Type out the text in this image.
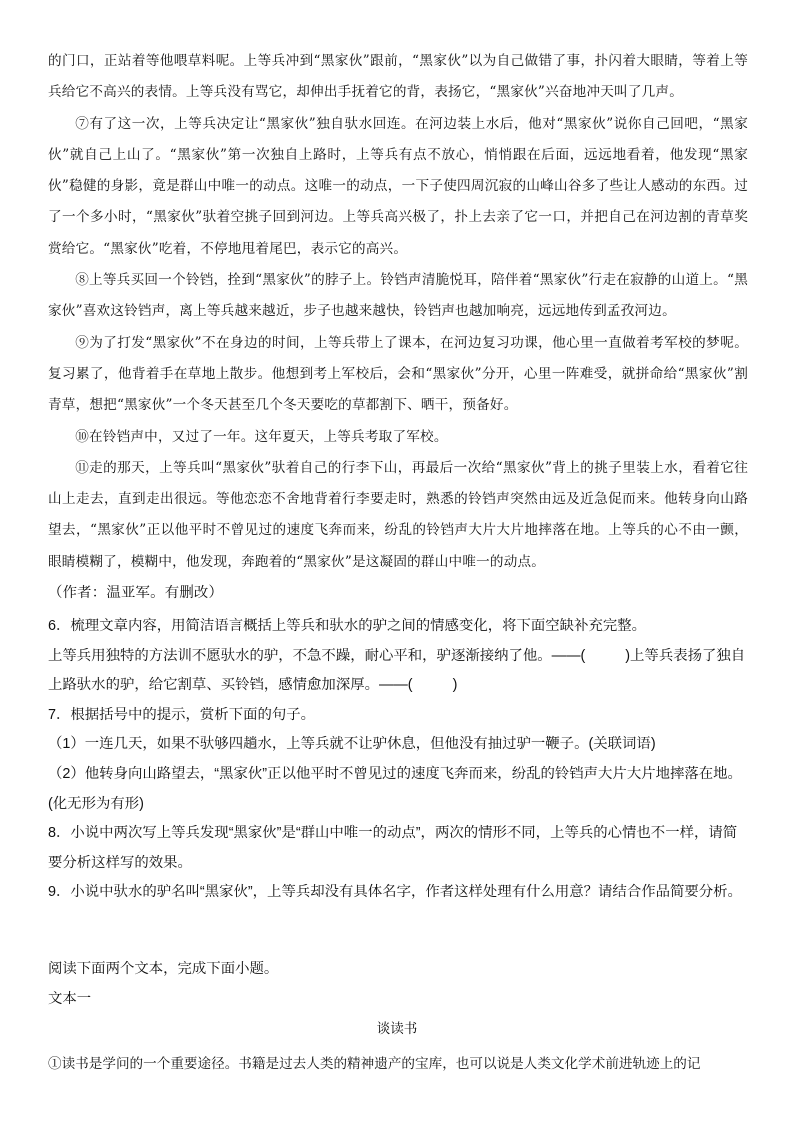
的门口，正站着等他喂草料呢。上等兵冲到“黑家伙”跟前，“黑家伙”以为自己做错了事，扑闪着大眼睛，等着上等兵给它不高兴的表情。上等兵没有骂它，却伸出手抚着它的背，表扬它，“黑家伙”兴奋地冲天叫了几声。

⑦有了这一次，上等兵决定让“黑家伙”独自驮水回连。在河边装上水后，他对“黑家伙”说你自己回吧，“黑家伙”就自己上山了。“黑家伙”第一次独自上路时，上等兵有点不放心，悄悄跟在后面，远远地看着，他发现“黑家伙”稳健的身影，竟是群山中唯一的动点。这唯一的动点，一下子使四周沉寂的山峰山谷多了些让人感动的东西。过了一个多小时，“黑家伙”驮着空挑子回到河边。上等兵高兴极了，扑上去亲了它一口，并把自己在河边割的青草奖赏给它。“黑家伙”吃着，不停地甩着尾巴，表示它的高兴。

⑧上等兵买回一个铃铛，拴到“黑家伙”的脖子上。铃铛声清脆悦耳，陪伴着“黑家伙”行走在寂静的山道上。“黑家伙”喜欢这铃铛声，离上等兵越来越近，步子也越来越快，铃铛声也越加响亮，远远地传到孟孜河边。

⑨为了打发“黑家伙”不在身边的时间，上等兵带上了课本，在河边复习功课，他心里一直做着考军校的梦呢。复习累了，他背着手在草地上散步。他想到考上军校后，会和“黑家伙”分开，心里一阵难受，就拼命给“黑家伙”割青草，想把“黑家伙”一个冬天甚至几个冬天要吃的草都割下、晒干，预备好。

⑩在铃铛声中，又过了一年。这年夏天，上等兵考取了军校。

⑪走的那天，上等兵叫“黑家伙”驮着自己的行李下山，再最后一次给“黑家伙”背上的挑子里装上水，看着它往山上走去，直到走出很远。等他恋恋不舍地背着行李要走时，熟悉的铃铛声突然由远及近急促而来。他转身向山路望去，“黑家伙”正以他平时不曾见过的速度飞奔而来，纷乱的铃铛声大片大片地摔落在地。上等兵的心不由一颤，眼睛模糊了，模糊中，他发现，奔跑着的“黑家伙”是这凝固的群山中唯一的动点。

（作者：温亚军。有删改）

6．梳理文章内容，用简洁语言概括上等兵和驮水的驴之间的情感变化，将下面空缺补充完整。

上等兵用独特的方法训不愿驮水的驴，不急不躁，耐心平和，驴逐渐接纳了他。——(	)上等兵表扬了独自上路驮水的驴，给它割草、买铃铛，感情愈加深厚。——(	)

7．根据括号中的提示，赏析下面的句子。

（1）一连几天，如果不驮够四趟水，上等兵就不让驴休息，但他没有抽过驴一鞭子。(关联词语)

（2）他转身向山路望去，“黑家伙”正以他平时不曾见过的速度飞奔而来，纷乱的铃铛声大片大片地摔落在地。(化无形为有形)

8．小说中两次写上等兵发现“黑家伙”是“群山中唯一的动点”，两次的情形不同，上等兵的心情也不一样，请简要分析这样写的效果。

9．小说中驮水的驴名叫“黑家伙”，上等兵却没有具体名字，作者这样处理有什么用意？请结合作品简要分析。

阅读下面两个文本，完成下面小题。

文本一

谈读书
①读书是学问的一个重要途径。书籍是过去人类的精神遗产的宝库，也可以说是人类文化学术前进轨迹上的记
